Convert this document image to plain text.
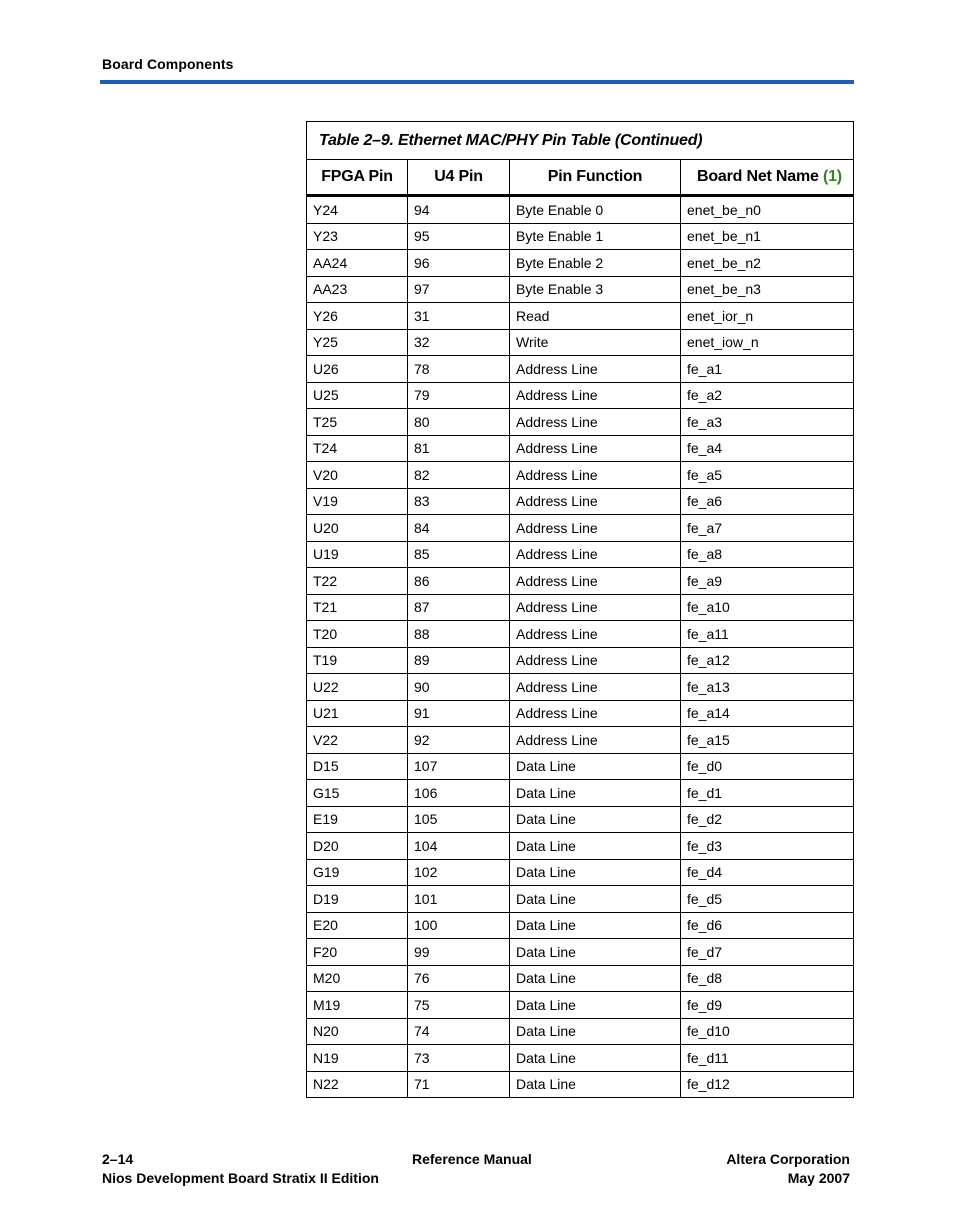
Board Components
Table 2–9. Ethernet MAC/PHY Pin Table (Continued)			
FPGA Pin	U4 Pin	Pin Function	Board Net Name (1)
Y24	94	Byte Enable 0	enet_be_n0
Y23	95	Byte Enable 1	enet_be_n1
AA24	96	Byte Enable 2	enet_be_n2
AA23	97	Byte Enable 3	enet_be_n3
Y26	31	Read	enet_ior_n
Y25	32	Write	enet_iow_n
U26	78	Address Line	fe_a1
U25	79	Address Line	fe_a2
T25	80	Address Line	fe_a3
T24	81	Address Line	fe_a4
V20	82	Address Line	fe_a5
V19	83	Address Line	fe_a6
U20	84	Address Line	fe_a7
U19	85	Address Line	fe_a8
T22	86	Address Line	fe_a9
T21	87	Address Line	fe_a10
T20	88	Address Line	fe_a11
T19	89	Address Line	fe_a12
U22	90	Address Line	fe_a13
U21	91	Address Line	fe_a14
V22	92	Address Line	fe_a15
D15	107	Data Line	fe_d0
G15	106	Data Line	fe_d1
E19	105	Data Line	fe_d2
D20	104	Data Line	fe_d3
G19	102	Data Line	fe_d4
D19	101	Data Line	fe_d5
E20	100	Data Line	fe_d6
F20	99	Data Line	fe_d7
M20	76	Data Line	fe_d8
M19	75	Data Line	fe_d9
N20	74	Data Line	fe_d10
N19	73	Data Line	fe_d11
N22	71	Data Line	fe_d12
2–14
Nios Development Board Stratix II Edition
Reference Manual	Altera Corporation
May 2007
